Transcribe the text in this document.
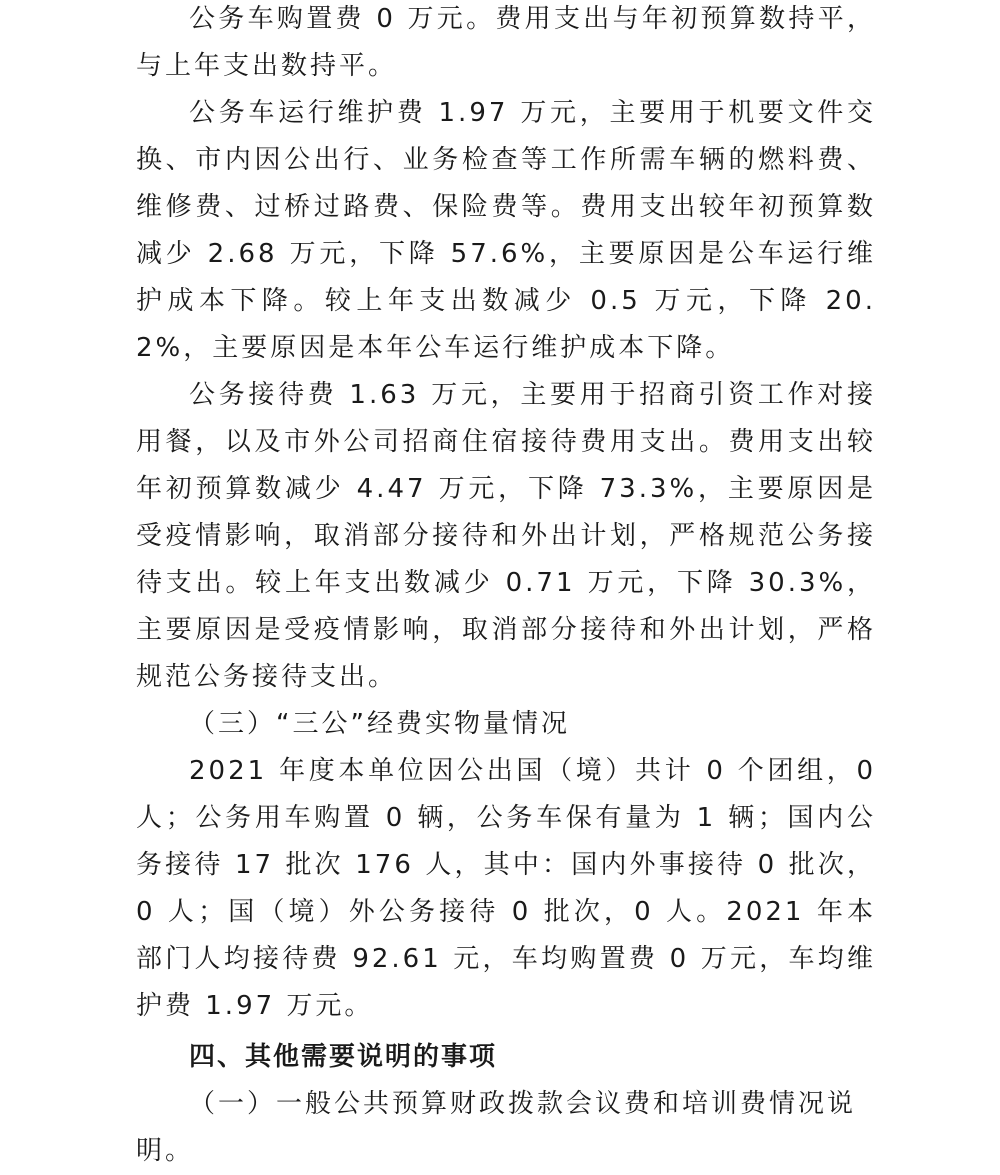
公务车购置费 0 万元。费用支出与年初预算数持平，与上年支出数持平。

公务车运行维护费 1.97 万元，主要用于机要文件交换、市内因公出行、业务检查等工作所需车辆的燃料费、维修费、过桥过路费、保险费等。费用支出较年初预算数减少 2.68 万元，下降 57.6%，主要原因是公车运行维护成本下降。较上年支出数减少 0.5 万元，下降 20.2%，主要原因是本年公车运行维护成本下降。

公务接待费 1.63 万元，主要用于招商引资工作对接用餐，以及市外公司招商住宿接待费用支出。费用支出较年初预算数减少 4.47 万元，下降 73.3%，主要原因是受疫情影响，取消部分接待和外出计划，严格规范公务接待支出。较上年支出数减少 0.71 万元，下降 30.3%，主要原因是受疫情影响，取消部分接待和外出计划，严格规范公务接待支出。

（三）“三公”经费实物量情况

2021 年度本单位因公出国（境）共计 0 个团组，0 人；公务用车购置 0 辆，公务车保有量为 1 辆；国内公务接待 17 批次 176 人，其中：国内外事接待 0 批次，0 人；国（境）外公务接待 0 批次，0 人。2021 年本部门人均接待费 92.61 元，车均购置费 0 万元，车均维护费 1.97 万元。

四、其他需要说明的事项

（一）一般公共预算财政拨款会议费和培训费情况说明。
